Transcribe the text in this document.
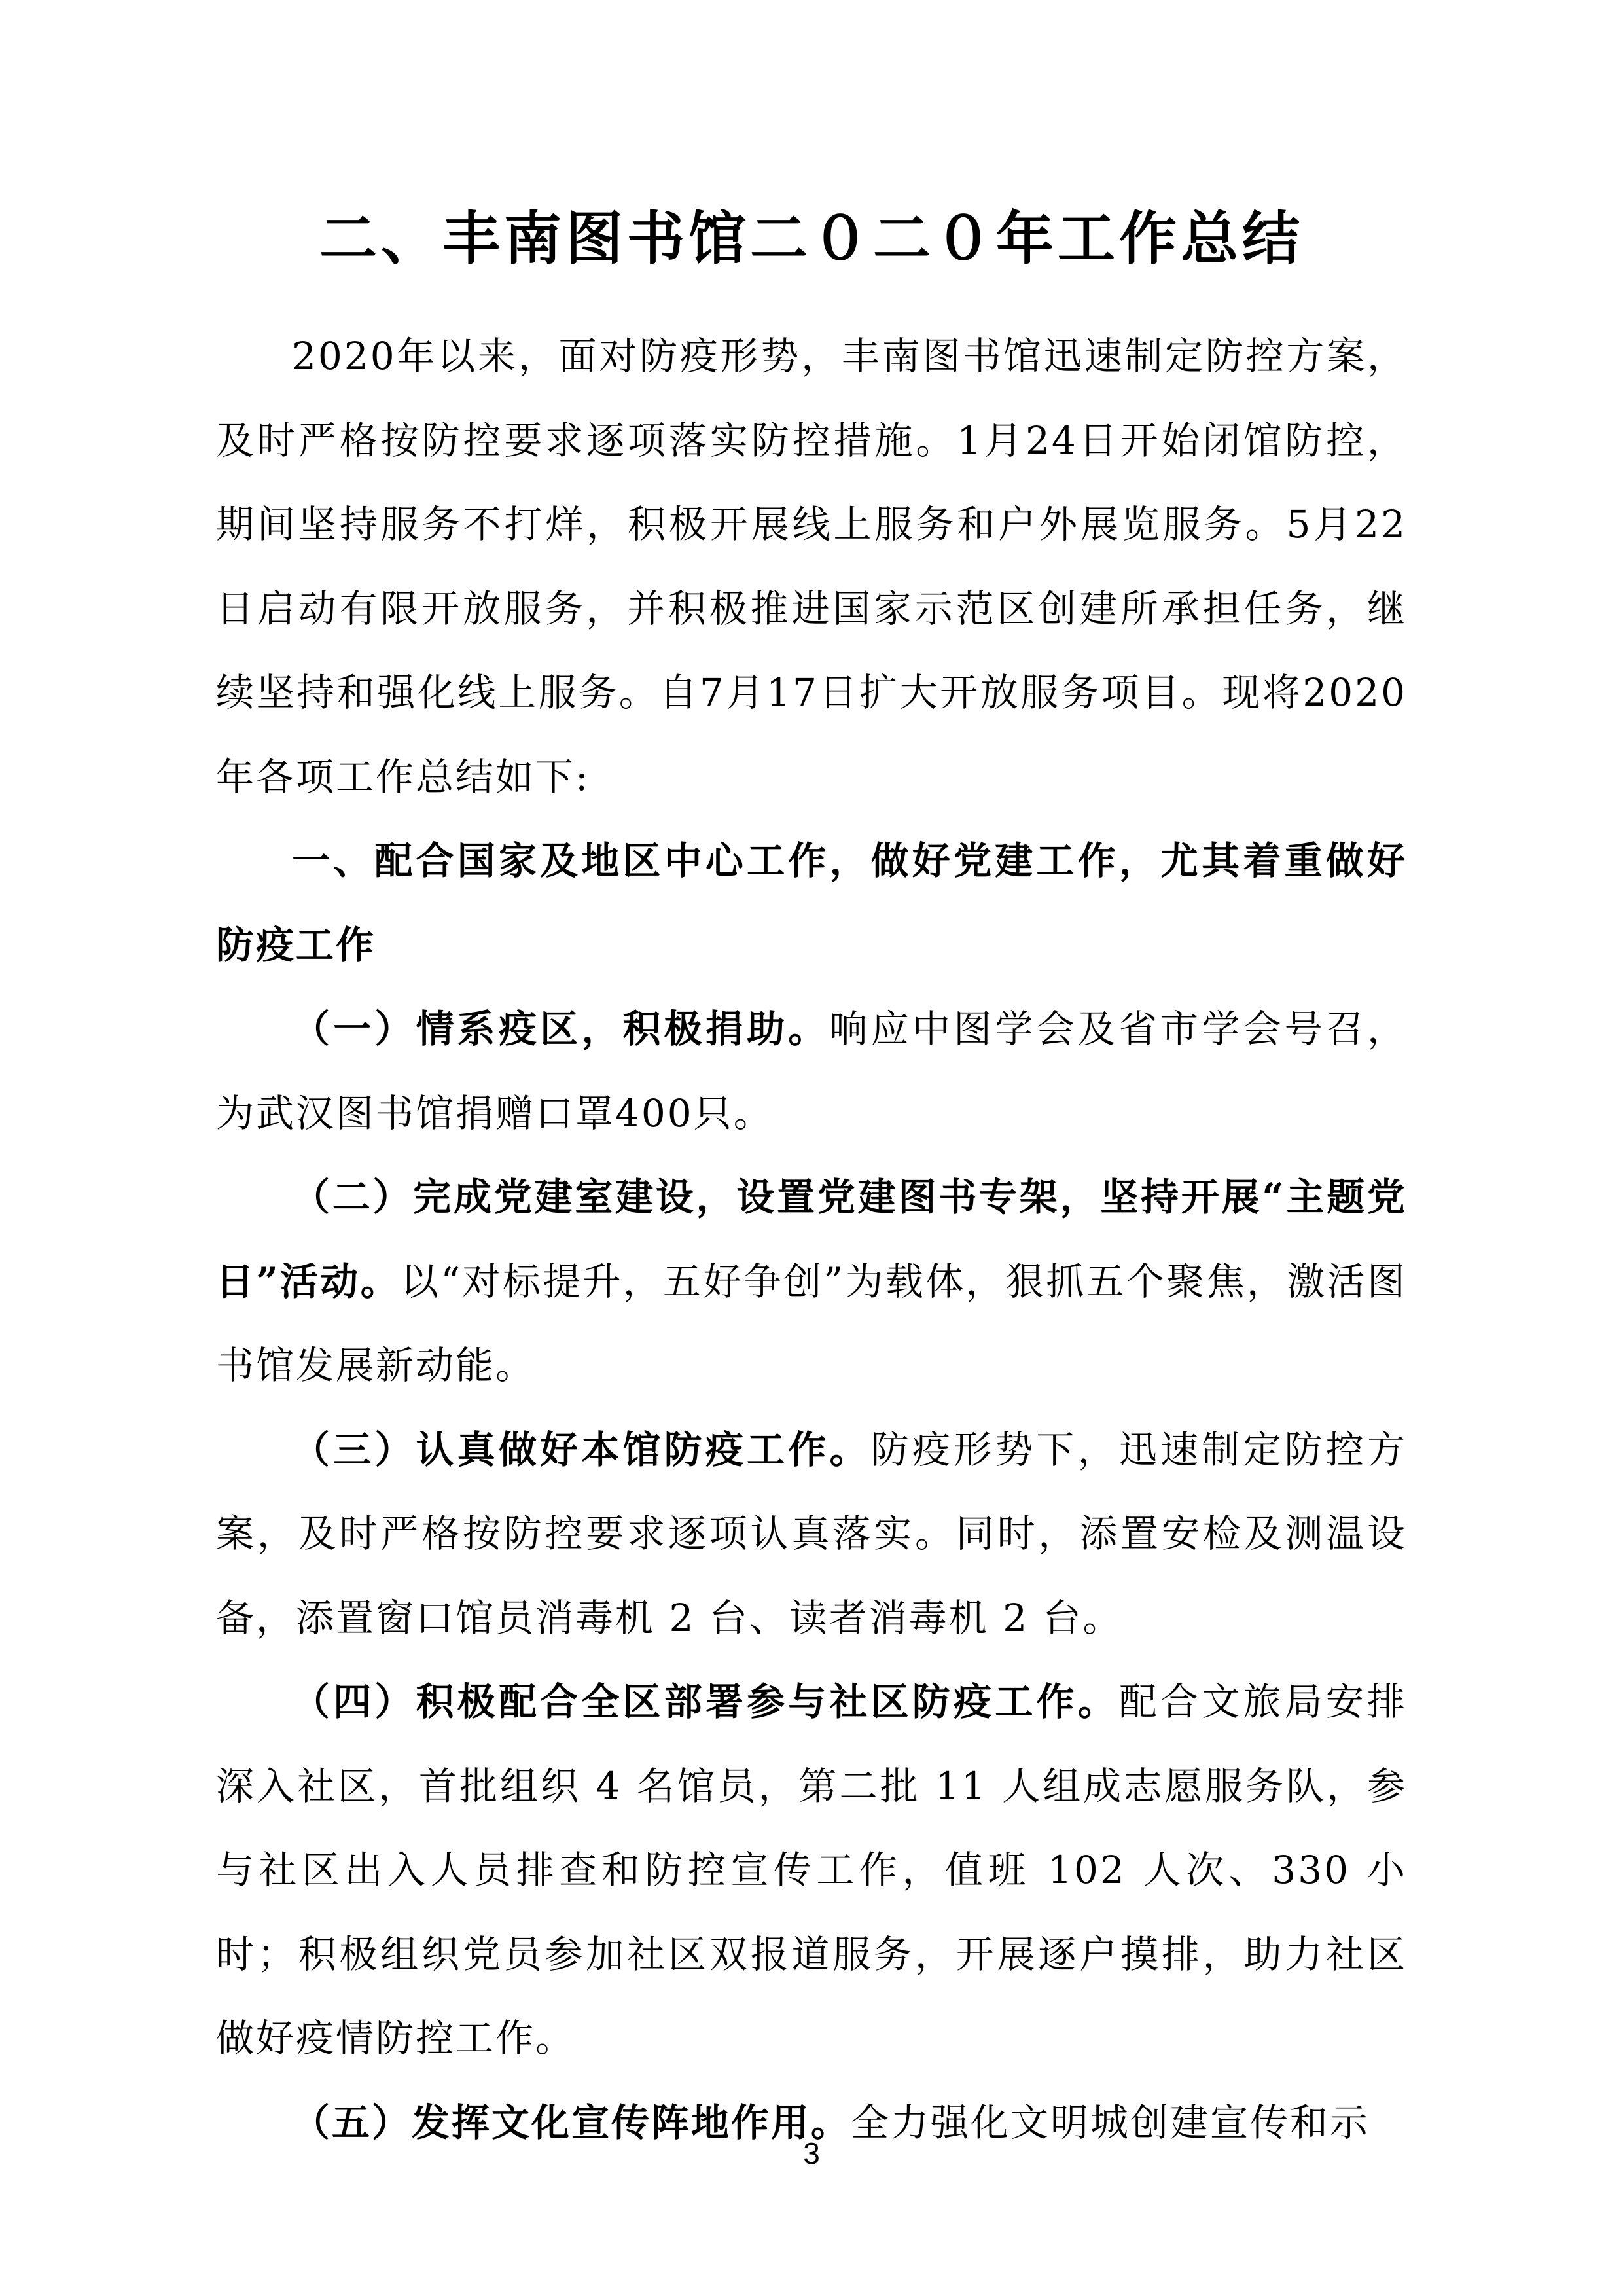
二、丰南图书馆二０二０年工作总结

2020年以来，面对防疫形势，丰南图书馆迅速制定防控方案，及时严格按防控要求逐项落实防控措施。1月24日开始闭馆防控，期间坚持服务不打烊，积极开展线上服务和户外展览服务。5月22日启动有限开放服务，并积极推进国家示范区创建所承担任务，继续坚持和强化线上服务。自7月17日扩大开放服务项目。现将2020年各项工作总结如下:

一、配合国家及地区中心工作，做好党建工作，尤其着重做好防疫工作

（一）情系疫区，积极捐助。响应中图学会及省市学会号召，为武汉图书馆捐赠口罩400只。

（二）完成党建室建设，设置党建图书专架，坚持开展“主题党日”活动。以“对标提升，五好争创”为载体，狠抓五个聚焦，激活图书馆发展新动能。

（三）认真做好本馆防疫工作。防疫形势下，迅速制定防控方案，及时严格按防控要求逐项认真落实。同时，添置安检及测温设备，添置窗口馆员消毒机 2 台、读者消毒机 2 台。

（四）积极配合全区部署参与社区防疫工作。配合文旅局安排深入社区，首批组织 4 名馆员，第二批 11 人组成志愿服务队，参与社区出入人员排查和防控宣传工作，值班 102 人次、330 小时；积极组织党员参加社区双报道服务，开展逐户摸排，助力社区做好疫情防控工作。

（五）发挥文化宣传阵地作用。全力强化文明城创建宣传和示

3
